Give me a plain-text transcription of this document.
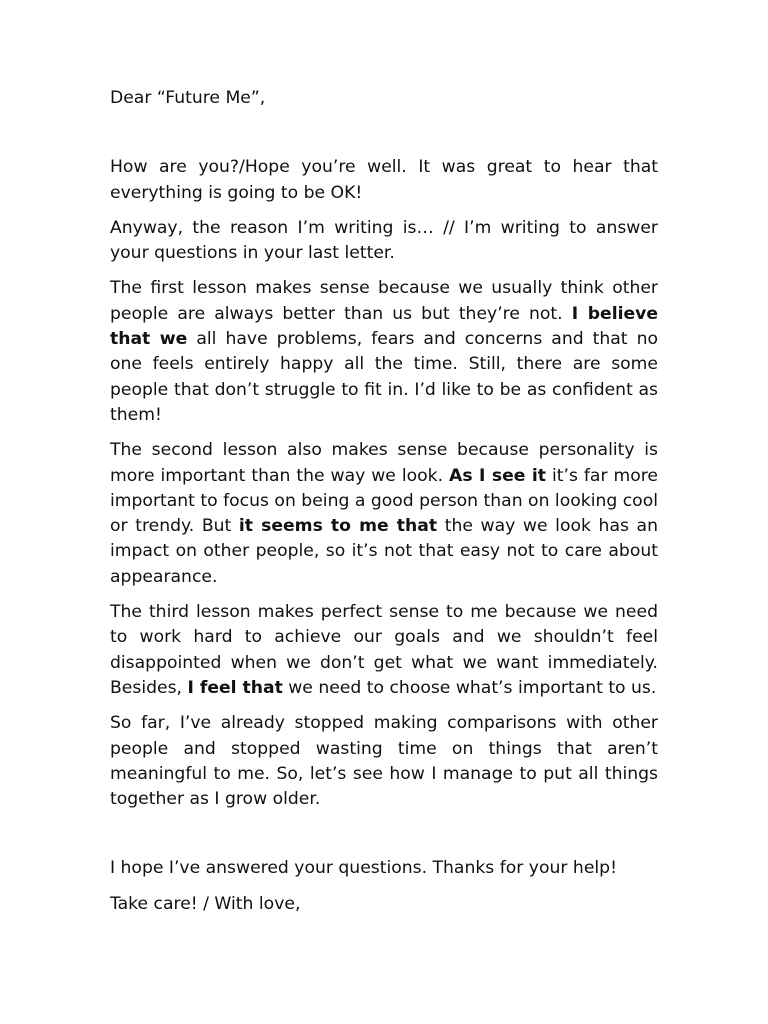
Dear “Future Me”,

How are you?/Hope you’re well. It was great to hear that everything is going to be OK!

Anyway, the reason I’m writing is… // I’m writing to answer your questions in your last letter.

The first lesson makes sense because we usually think other people are always better than us but they’re not. I believe that we all have problems, fears and concerns and that no one feels entirely happy all the time. Still, there are some people that don’t struggle to fit in. I’d like to be as confident as them!

The second lesson also makes sense because personality is more important than the way we look. As I see it it’s far more important to focus on being a good person than on looking cool or trendy. But it seems to me that the way we look has an impact on other people, so it’s not that easy not to care about appearance.

The third lesson makes perfect sense to me because we need to work hard to achieve our goals and we shouldn’t feel disappointed when we don’t get what we want immediately. Besides, I feel that we need to choose what’s important to us.

So far, I’ve already stopped making comparisons with other people and stopped wasting time on things that aren’t meaningful to me. So, let’s see how I manage to put all things together as I grow older.

I hope I’ve answered your questions. Thanks for your help!

Take care! / With love,
